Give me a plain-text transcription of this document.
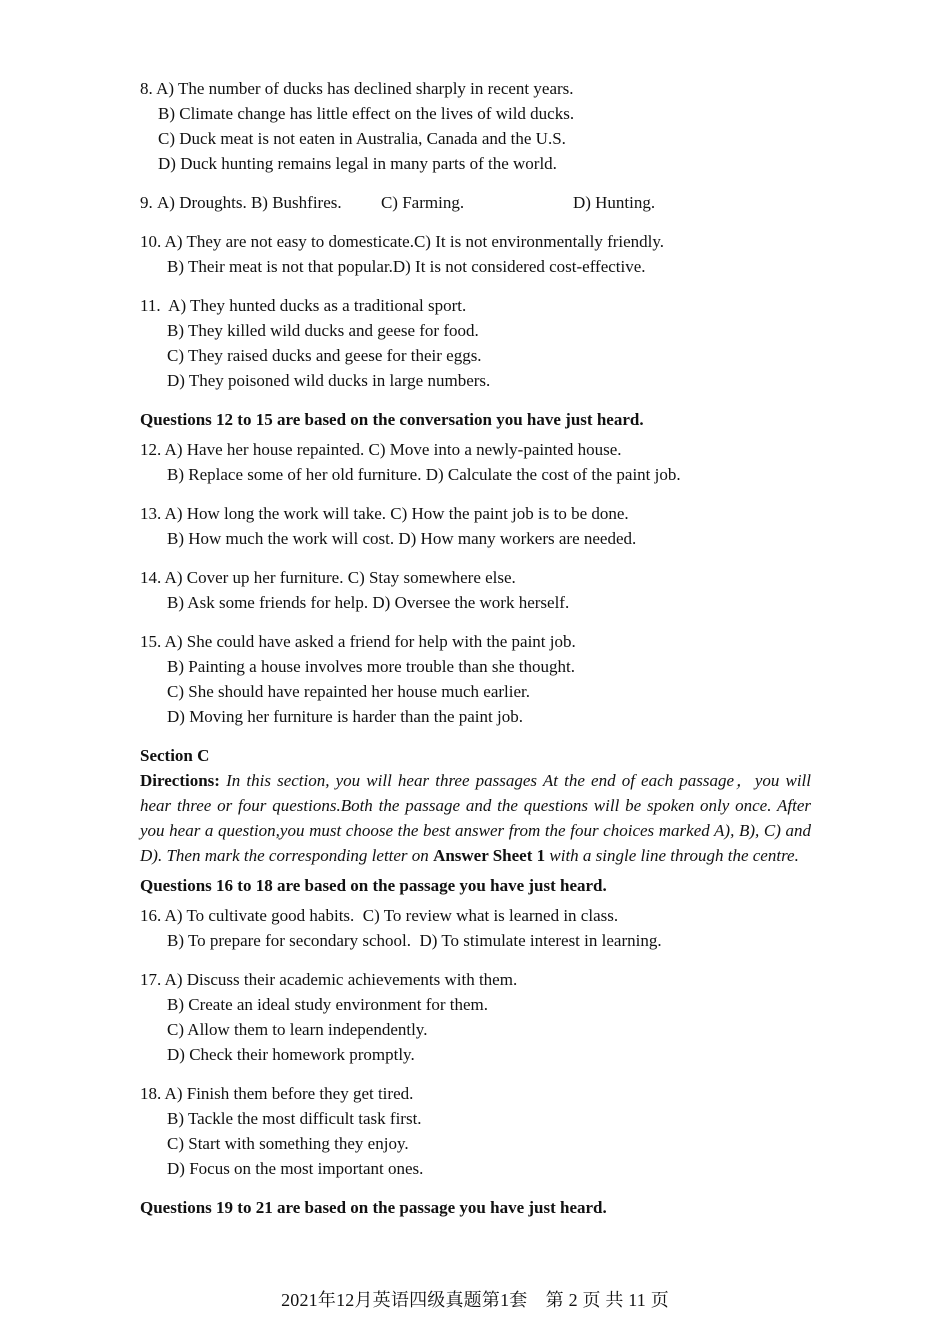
8. A) The number of ducks has declined sharply in recent years.
B) Climate change has little effect on the lives of wild ducks.
C) Duck meat is not eaten in Australia, Canada and the U.S.
D) Duck hunting remains legal in many parts of the world.
9. A) Droughts. B) Bushfires. C) Farming.	D) Hunting.
10. A) They are not easy to domesticate.C) It is not environmentally friendly.
B) Their meat is not that popular.D) It is not considered cost-effective.
11.  A) They hunted ducks as a traditional sport.
B) They killed wild ducks and geese for food.
C) They raised ducks and geese for their eggs.
D) They poisoned wild ducks in large numbers.

Questions 12 to 15 are based on the conversation you have just heard.

12. A) Have her house repainted. C) Move into a newly-painted house.
B) Replace some of her old furniture. D) Calculate the cost of the paint job.
13. A) How long the work will take. C) How the paint job is to be done.
B) How much the work will cost. D) How many workers are needed.
14. A) Cover up her furniture. C) Stay somewhere else.
B) Ask some friends for help. D) Oversee the work herself.
15. A) She could have asked a friend for help with the paint job.
B) Painting a house involves more trouble than she thought.
C) She should have repainted her house much earlier.
D) Moving her furniture is harder than the paint job.

Section C

Directions: In this section, you will hear three passages At the end of each passage，you will hear three or four questions.Both the passage and the questions will be spoken only once. After you hear a question,you must choose the best answer from the four choices marked A), B), C) and D). Then mark the corresponding letter on Answer Sheet 1 with a single line through the centre.

Questions 16 to 18 are based on the passage you have just heard.

16. A) To cultivate good habits.  C) To review what is learned in class.
B) To prepare for secondary school.  D) To stimulate interest in learning.
17. A) Discuss their academic achievements with them.
B) Create an ideal study environment for them.
C) Allow them to learn independently.
D) Check their homework promptly.
18. A) Finish them before they get tired.
B) Tackle the most difficult task first.
C) Start with something they enjoy.
D) Focus on the most important ones.

Questions 19 to 21 are based on the passage you have just heard.

2021年12月英语四级真题第1套　第 2 页 共 11 页
